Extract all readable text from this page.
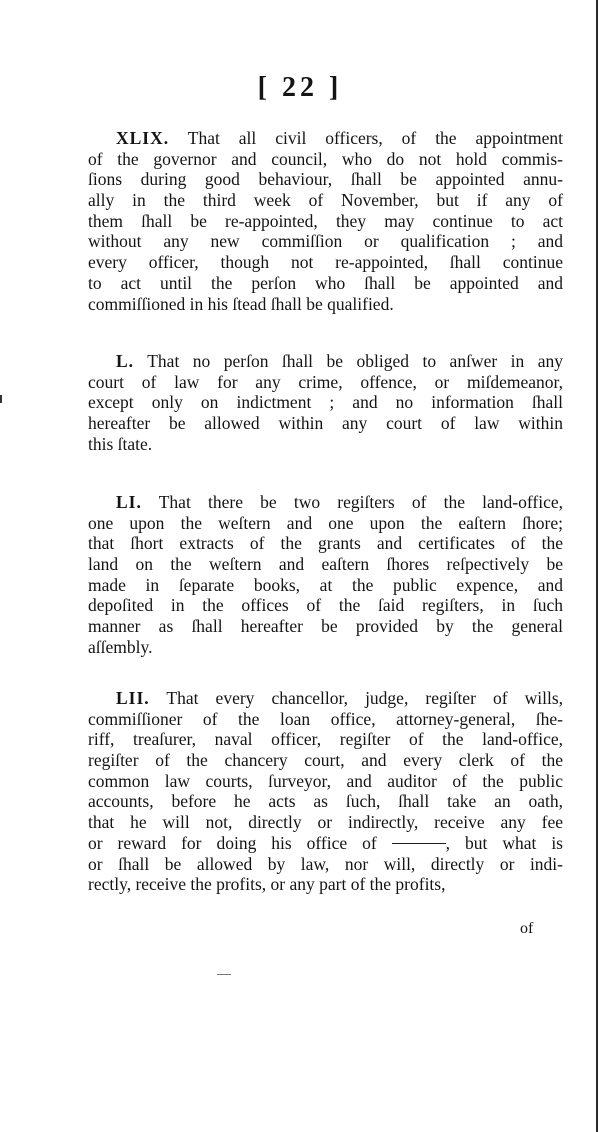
[ 22 ]
XLIX. That all civil officers, of the appointment
of the governor and council, who do not hold commis-
ſions during good behaviour, ſhall be appointed annu-
ally in the third week of November, but if any of
them ſhall be re-appointed, they may continue to act
without any new commiſſion or qualification ; and
every officer, though not re-appointed, ſhall continue
to act until the perſon who ſhall be appointed and
commiſſioned in his ſtead ſhall be qualified.
L. That no perſon ſhall be obliged to anſwer in any
court of law for any crime, offence, or miſdemeanor,
except only on indictment ; and no information ſhall
hereafter be allowed within any court of law within
this ſtate.
LI. That there be two regiſters of the land-office,
one upon the weſtern and one upon the eaſtern ſhore;
that ſhort extracts of the grants and certificates of the
land on the weſtern and eaſtern ſhores reſpectively be
made in ſeparate books, at the public expence, and
depoſited in the offices of the ſaid regiſters, in ſuch
manner as ſhall hereafter be provided by the general
aſſembly.
LII. That every chancellor, judge, regiſter of wills,
commiſſioner of the loan office, attorney-general, ſhe-
riff, treaſurer, naval officer, regiſter of the land-office,
regiſter of the chancery court, and every clerk of the
common law courts, ſurveyor, and auditor of the public
accounts, before he acts as ſuch, ſhall take an oath,
that he will not, directly or indirectly, receive any fee
or reward for doing his office of	, but what is
or ſhall be allowed by law, nor will, directly or indi-
rectly, receive the profits, or any part of the profits,
of
